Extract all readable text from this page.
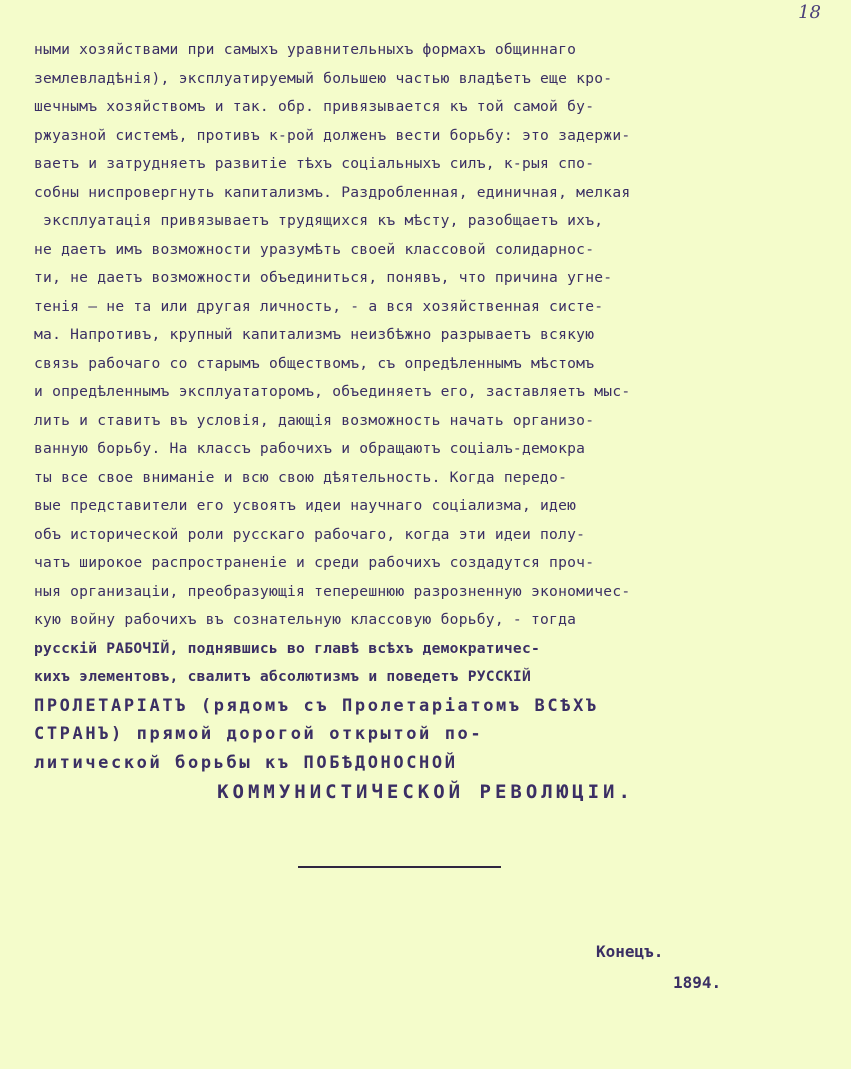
18
ными хозяйствами при самыхъ уравнительныхъ формахъ общиннаго
землевладѣнія), эксплуатируемый большею частью владѣетъ еще кро-
шечнымъ хозяйствомъ и так. обр. привязывается къ той самой бу-
ржуазной системѣ, противъ к-рой долженъ вести борьбу: это задержи-
ваетъ и затрудняетъ развитіе тѣхъ соціальныхъ силъ, к-рыя спо-
собны ниспровергнуть капитализмъ. Раздробленная, единичная, мелкая
эксплуатація привязываетъ трудящихся къ мѣсту, разобщаетъ ихъ,
не даетъ имъ возможности уразумѣть своей классовой солидарнос-
ти, не даетъ возможности объединиться, понявъ, что причина угне-
тенія – не та или другая личность, - а вся хозяйственная систе-
ма. Напротивъ, крупный капитализмъ неизбѣжно разрываетъ всякую
связь рабочаго со старымъ обществомъ, съ опредѣленнымъ мѣстомъ
и опредѣленнымъ эксплуататоромъ, объединяетъ его, заставляетъ мыс-
лить и ставитъ въ условія, дающія возможность начать организо-
ванную борьбу. На классъ рабочихъ и обращаютъ соціалъ-демокра
ты все свое вниманіе и всю свою дѣятельность. Когда передо-
вые представители его усвоятъ идеи научнаго соціализма, идею
объ исторической роли русскаго рабочаго, когда эти идеи полу-
чатъ широкое распространеніе и среди рабочихъ создадутся проч-
ныя организаціи, преобразующія теперешнюю разрозненную экономичес-
кую войну рабочихъ въ сознательную классовую борьбу, - тогда
русскій РАБОЧІЙ, поднявшись во главѣ всѣхъ демократичес-
кихъ элементовъ, свалитъ абсолютизмъ и поведетъ РУССКІЙ
ПРОЛЕТАРІАТЪ (рядомъ съ Пролетаріатомъ ВСѢХЪ
СТРАНЪ) прямой дорогой открытой по-
литической борьбы къ ПОБѢДОНОСНОЙ
КОММУНИСТИЧЕСКОЙ РЕВОЛЮЦІИ.
Конецъ.
1894.
